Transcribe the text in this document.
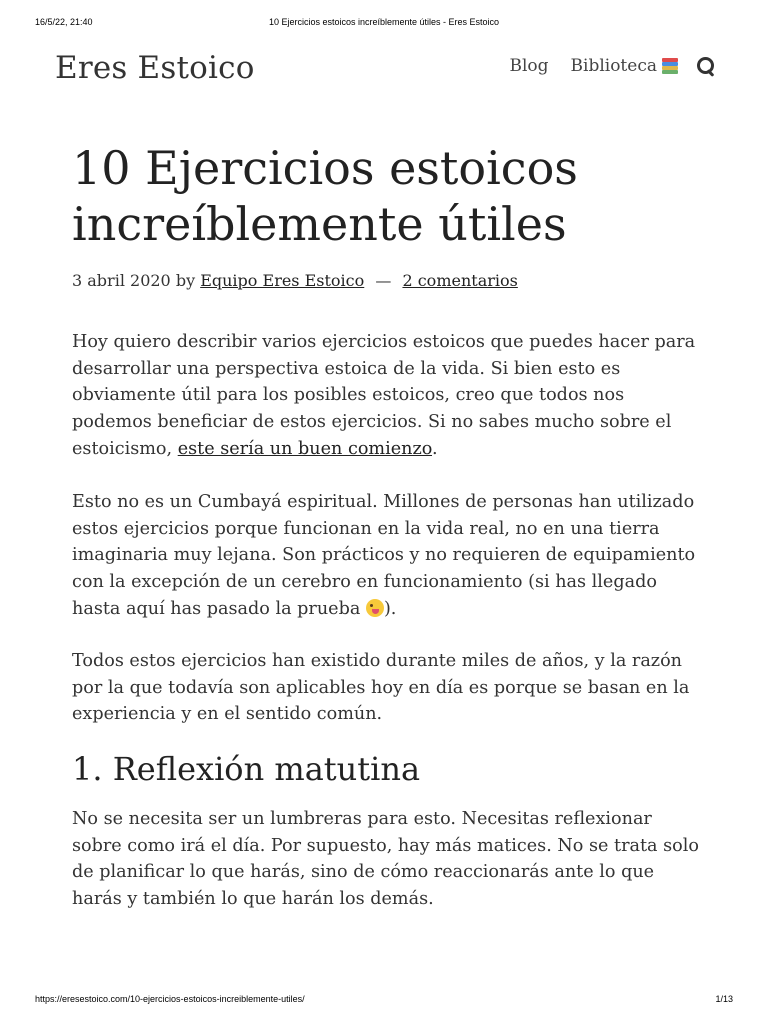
16/5/22, 21:40	10 Ejercicios estoicos increíblemente útiles - Eres Estoico
Eres Estoico	Blog Biblioteca
10 Ejercicios estoicos increíblemente útiles
3 abril 2020 by Equipo Eres Estoico — 2 comentarios

Hoy quiero describir varios ejercicios estoicos que puedes hacer para desarrollar una perspectiva estoica de la vida. Si bien esto es obviamente útil para los posibles estoicos, creo que todos nos podemos beneficiar de estos ejercicios. Si no sabes mucho sobre el estoicismo, este sería un buen comienzo.

Esto no es un Cumbayá espiritual. Millones de personas han utilizado estos ejercicios porque funcionan en la vida real, no en una tierra imaginaria muy lejana. Son prácticos y no requieren de equipamiento con la excepción de un cerebro en funcionamiento (si has llegado hasta aquí has pasado la prueba ).

Todos estos ejercicios han existido durante miles de años, y la razón por la que todavía son aplicables hoy en día es porque se basan en la experiencia y en el sentido común.

1. Reflexión matutina

No se necesita ser un lumbreras para esto. Necesitas reflexionar sobre como irá el día. Por supuesto, hay más matices. No se trata solo de planificar lo que harás, sino de cómo reaccionarás ante lo que harás y también lo que harán los demás.

https://eresestoico.com/10-ejercicios-estoicos-increiblemente-utiles/	1/13
